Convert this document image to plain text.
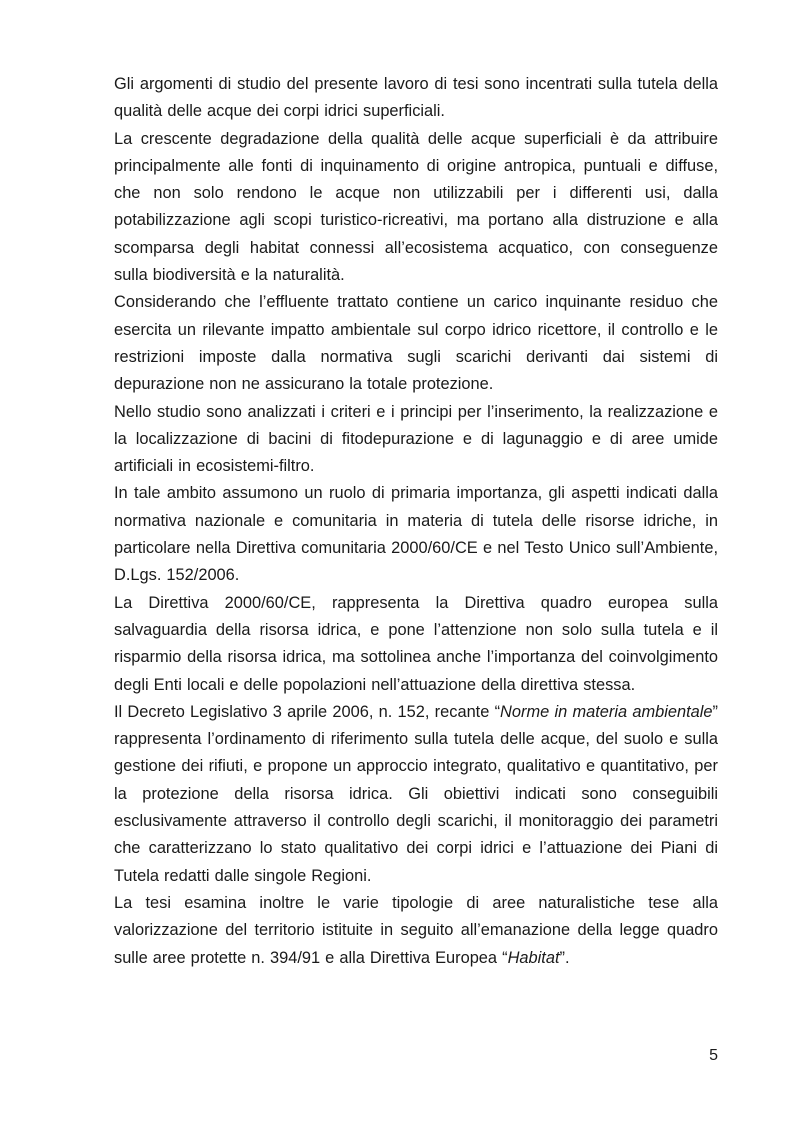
Gli argomenti di studio del presente lavoro di tesi sono incentrati sulla tutela della qualità delle acque dei corpi idrici superficiali.

La crescente degradazione della qualità delle acque superficiali è da attribuire principalmente alle fonti di inquinamento di origine antropica, puntuali e diffuse, che non solo rendono le acque non utilizzabili per i differenti usi, dalla potabilizzazione agli scopi turistico-ricreativi, ma portano alla distruzione e alla scomparsa degli habitat connessi all’ecosistema acquatico, con conseguenze sulla biodiversità e la naturalità.

Considerando che l’effluente trattato contiene un carico inquinante residuo che esercita un rilevante impatto ambientale sul corpo idrico ricettore, il controllo e le restrizioni imposte dalla normativa sugli scarichi derivanti dai sistemi di depurazione non ne assicurano la totale protezione.

Nello studio sono analizzati i criteri e i principi per l’inserimento, la realizzazione e la localizzazione di bacini di fitodepurazione e di lagunaggio e di aree umide artificiali in ecosistemi-filtro.

In tale ambito assumono un ruolo di primaria importanza, gli aspetti indicati dalla normativa nazionale e comunitaria in materia di tutela delle risorse idriche, in particolare nella Direttiva comunitaria 2000/60/CE e nel Testo Unico sull’Ambiente, D.Lgs. 152/2006.

La Direttiva 2000/60/CE, rappresenta la Direttiva quadro europea sulla salvaguardia della risorsa idrica, e pone l’attenzione non solo sulla tutela e il risparmio della risorsa idrica, ma sottolinea anche l’importanza del coinvolgimento degli Enti locali e delle popolazioni nell’attuazione della direttiva stessa.

Il Decreto Legislativo 3 aprile 2006, n. 152, recante “Norme in materia ambientale” rappresenta l’ordinamento di riferimento sulla tutela delle acque, del suolo e sulla gestione dei rifiuti, e propone un approccio integrato, qualitativo e quantitativo, per la protezione della risorsa idrica. Gli obiettivi indicati sono conseguibili esclusivamente attraverso il controllo degli scarichi, il monitoraggio dei parametri che caratterizzano lo stato qualitativo dei corpi idrici e l’attuazione dei Piani di Tutela redatti dalle singole Regioni.

La tesi esamina inoltre le varie tipologie di aree naturalistiche tese alla valorizzazione del territorio istituite in seguito all’emanazione della legge quadro sulle aree protette n. 394/91 e alla Direttiva Europea “Habitat”.

5
